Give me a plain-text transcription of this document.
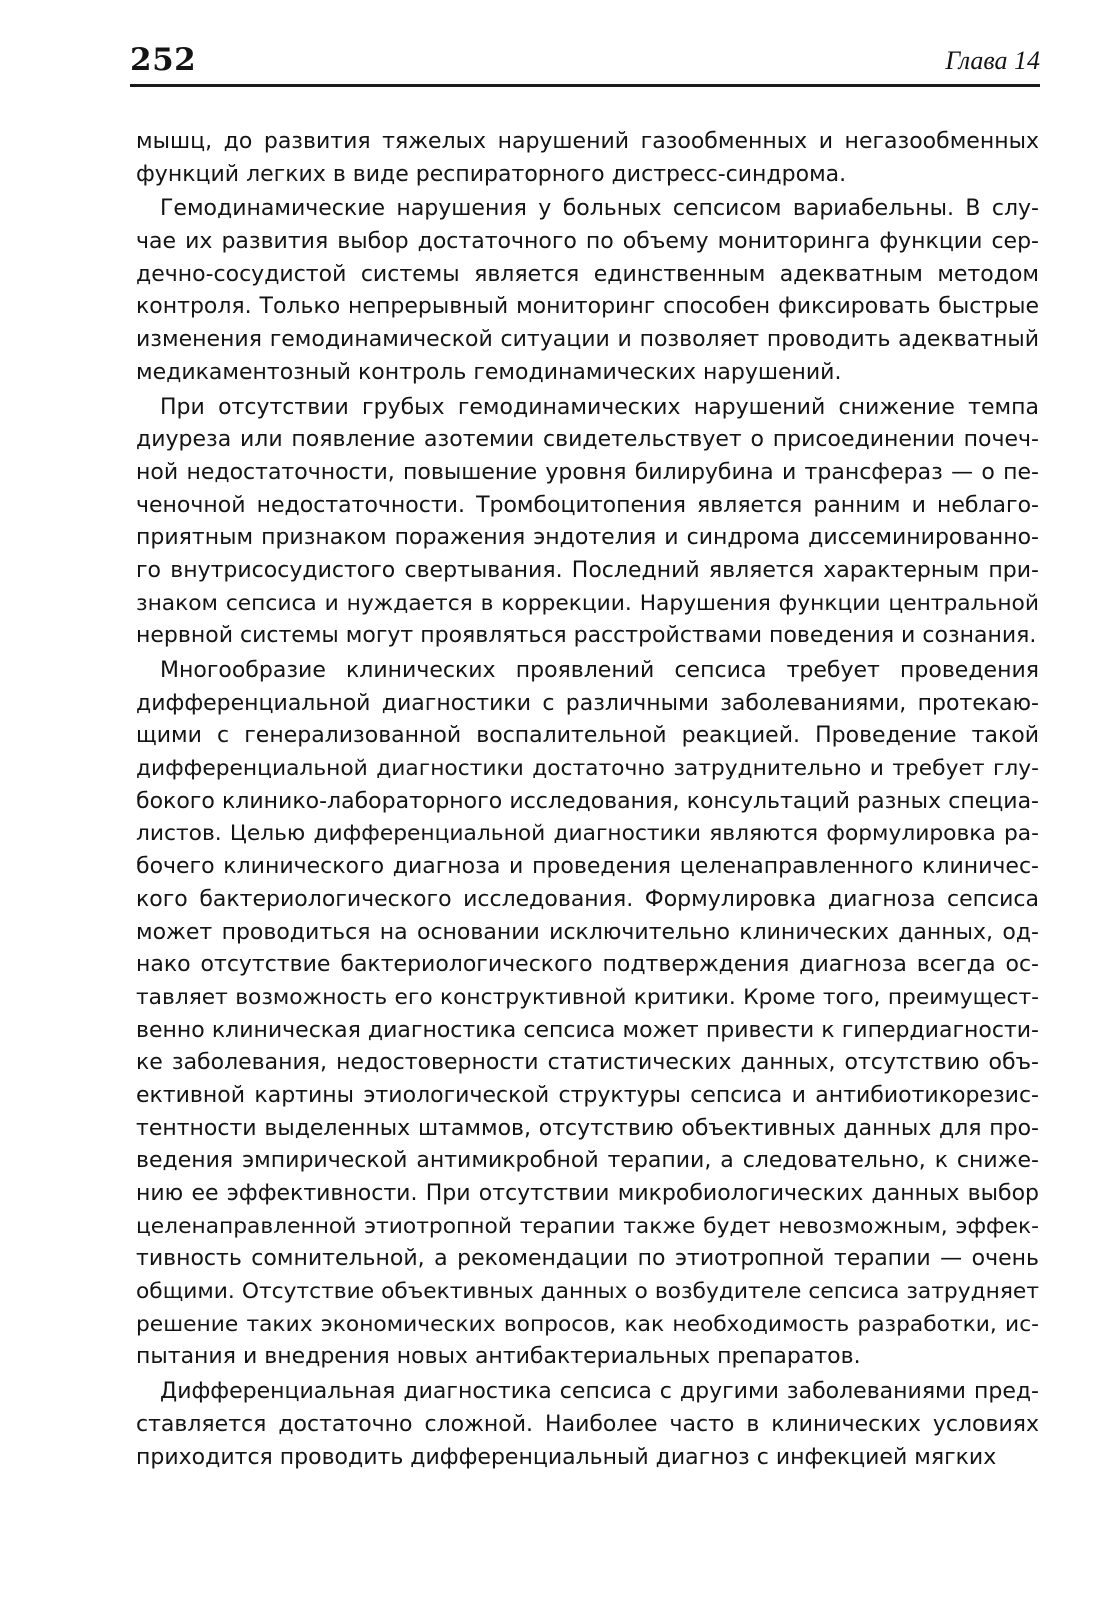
252	Глава 14
мышц, до развития тяжелых нарушений газообменных и негазообменных
функций легких в виде респираторного дистресс-синдрома.
Гемодинамические нарушения у больных сепсисом вариабельны. В слу-
чае их развития выбор достаточного по объему мониторинга функции сер-
дечно-сосудистой системы является единственным адекватным методом
контроля. Только непрерывный мониторинг способен фиксировать быстрые
изменения гемодинамической ситуации и позволяет проводить адекватный
медикаментозный контроль гемодинамических нарушений.
При отсутствии грубых гемодинамических нарушений снижение темпа
диуреза или появление азотемии свидетельствует о присоединении почеч-
ной недостаточности, повышение уровня билирубина и трансфераз — о пе-
ченочной недостаточности. Тромбоцитопения является ранним и неблаго-
приятным признаком поражения эндотелия и синдрома диссеминированно-
го внутрисосудистого свертывания. Последний является характерным при-
знаком сепсиса и нуждается в коррекции. Нарушения функции центральной
нервной системы могут проявляться расстройствами поведения и сознания.
Многообразие клинических проявлений сепсиса требует проведения
дифференциальной диагностики с различными заболеваниями, протекаю-
щими с генерализованной воспалительной реакцией. Проведение такой
дифференциальной диагностики достаточно затруднительно и требует глу-
бокого клинико-лабораторного исследования, консультаций разных специа-
листов. Целью дифференциальной диагностики являются формулировка ра-
бочего клинического диагноза и проведения целенаправленного клиничес-
кого бактериологического исследования. Формулировка диагноза сепсиса
может проводиться на основании исключительно клинических данных, од-
нако отсутствие бактериологического подтверждения диагноза всегда ос-
тавляет возможность его конструктивной критики. Кроме того, преимущест-
венно клиническая диагностика сепсиса может привести к гипердиагности-
ке заболевания, недостоверности статистических данных, отсутствию объ-
ективной картины этиологической структуры сепсиса и антибиотикорезис-
тентности выделенных штаммов, отсутствию объективных данных для про-
ведения эмпирической антимикробной терапии, а следовательно, к сниже-
нию ее эффективности. При отсутствии микробиологических данных выбор
целенаправленной этиотропной терапии также будет невозможным, эффек-
тивность сомнительной, а рекомендации по этиотропной терапии — очень
общими. Отсутствие объективных данных о возбудителе сепсиса затрудняет
решение таких экономических вопросов, как необходимость разработки, ис-
пытания и внедрения новых антибактериальных препаратов.
Дифференциальная диагностика сепсиса с другими заболеваниями пред-
ставляется достаточно сложной. Наиболее часто в клинических условиях
приходится проводить дифференциальный диагноз с инфекцией мягких
